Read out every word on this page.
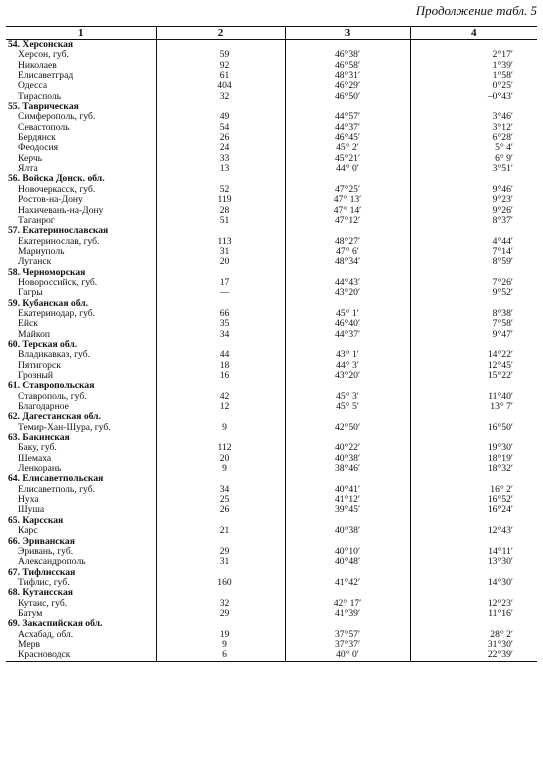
Продолжение табл. 5
1	2	3	4
54. Херсонская			
Херсон, губ.	59	46°38′	2°17′
Николаев	92	46°58′	1°39′
Елисаветград	61	48°31′	1°58′
Одесса	404	46°29′	0°25′
Тирасполь	32	46°50′	–0°43′
55. Таврическая			
Симферополь, губ.	49	44°57′	3°46′
Севастополь	54	44°37′	3°12′
Бердянск	26	46°45′	6°28′
Феодосия	24	45° 2′	5° 4′
Керчь	33	45°21′	6° 9′
Ялта	13	44° 0′	3°51′
56. Войска Донск. обл.			
Новочеркасск, губ.	52	47°25′	9°46′
Ростов-на-Дону	119	47° 13′	9°23′
Нахичевань-на-Дону	28	47° 14′	9°26′
Таганрог	51	47°12′	8°37′
57. Екатеринославская			
Екатеринослав, губ.	113	48°27′	4°44′
Мариуполь	31	47° 6′	7°14′
Луганск	20	48°34′	8°59′
58. Черноморская			
Новороссийск, губ.	17	44°43′	7°26′
Гагры	—	43°20′	9°52′
59. Кубанская обл.			
Екатеринодар, губ.	66	45° 1′	8°38′
Ейск	35	46°40′	7°58′
Майкоп	34	44°37′	9°47′
60. Терская обл.			
Владикавказ, губ.	44	43° 1′	14°22′
Пятигорск	18	44° 3′	12°45′
Грозный	16	43°20′	15°22′
61. Ставропольская			
Ставрополь, губ.	42	45° 3′	11°40′
Благодарное	12	45° 5′	13° 7′
62. Дагестанская обл.			
Темир-Хан-Шура, губ.	9	42°50′	16°50′
63. Бакинская			
Баку, губ.	112	40°22′	19°30′
Шемаха	20	40°38′	18°19′
Ленкорань	9	38°46′	18°32′
64. Елисаветпольская			
Елисаветполь, губ.	34	40°41′	16° 2′
Нуха	25	41°12′	16°52′
Шуша	26	39°45′	16°24′
65. Карсская			
Карс	21	40°38′	12°43′
66. Эриванская			
Эривань, губ.	29	40°10′	14°11′
Александрополь	31	40°48′	13°30′
67. Тифлисская			
Тифлис, губ.	160	41°42′	14°30′
68. Кутаисская			
Кутаис, губ.	32	42° 17′	12°23′
Батум	29	41°39′	11°16′
69. Закаспийская обл.			
Асхабад, обл.	19	37°57′	28° 2′
Мерв	9	37°37′	31°30′
Красноводск	6	40° 0′	22°39′
